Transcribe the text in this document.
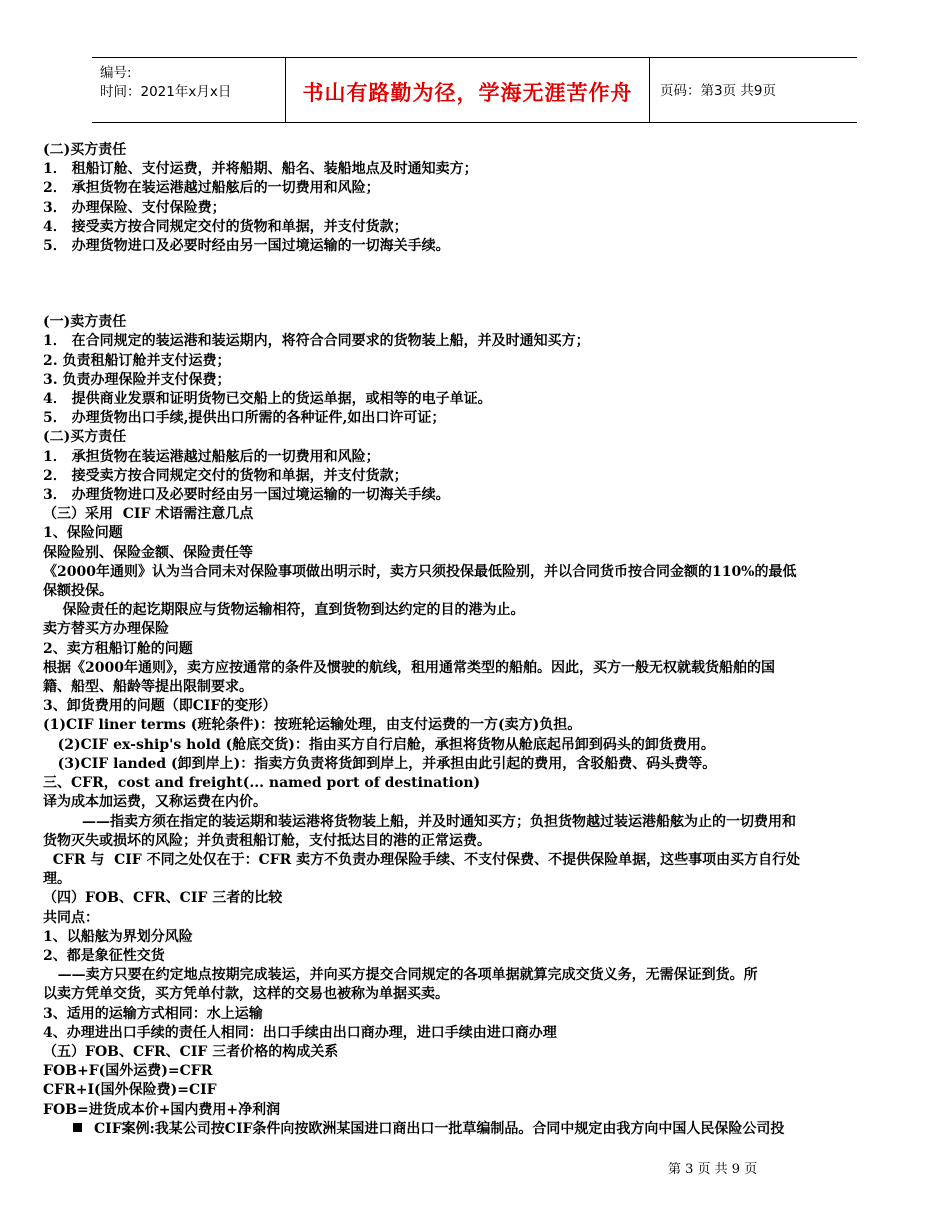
编号:
时间：2021年x月x日	书山有路勤为径，学海无涯苦作舟	页码：第3页 共9页

(二)买方责任

1． 租船订舱、支付运费，并将船期、船名、装船地点及时通知卖方；

2． 承担货物在装运港越过船舷后的一切费用和风险；

3． 办理保险、支付保险费；

4． 接受卖方按合同规定交付的货物和单据，并支付货款；

5． 办理货物进口及必要时经由另一国过境运输的一切海关手续。

(一)卖方责任

1． 在合同规定的装运港和装运期内，将符合合同要求的货物装上船，并及时通知买方；

2. 负责租船订舱并支付运费；

3. 负责办理保险并支付保费；

4． 提供商业发票和证明货物已交船上的货运单据，或相等的电子单证。

5． 办理货物出口手续,提供出口所需的各种证件,如出口许可证；

(二)买方责任

1． 承担货物在装运港越过船舷后的一切费用和风险；

2． 接受卖方按合同规定交付的货物和单据，并支付货款；

3． 办理货物进口及必要时经由另一国过境运输的一切海关手续。

（三）采用  CIF 术语需注意几点

1、保险问题

保险险别、保险金额、保险责任等

《2000年通则》认为当合同未对保险事项做出明示时，卖方只须投保最低险别，并以合同货币按合同金额的110%的最低

保额投保。

保险责任的起讫期限应与货物运输相符，直到货物到达约定的目的港为止。

卖方替买方办理保险

2、卖方租船订舱的问题

根据《2000年通则》，卖方应按通常的条件及惯驶的航线，租用通常类型的船舶。因此，买方一般无权就载货船舶的国

籍、船型、船龄等提出限制要求。

3、卸货费用的问题（即CIF的变形）

(1)CIF liner terms (班轮条件)：按班轮运输处理，由支付运费的一方(卖方)负担。

(2)CIF ex-ship's hold (舱底交货)：指由买方自行启舱，承担将货物从舱底起吊卸到码头的卸货费用。

(3)CIF landed (卸到岸上)：指卖方负责将货卸到岸上，并承担由此引起的费用，含驳船费、码头费等。

三、CFR，cost and freight(... named port of destination)

译为成本加运费，又称运费在内价。

——指卖方须在指定的装运期和装运港将货物装上船，并及时通知买方；负担货物越过装运港船舷为止的一切费用和

货物灭失或损坏的风险；并负责租船订舱，支付抵达目的港的正常运费。

CFR 与  CIF 不同之处仅在于：CFR 卖方不负责办理保险手续、不支付保费、不提供保险单据，这些事项由买方自行处

理。

（四）FOB、CFR、CIF 三者的比较

共同点：

1、以船舷为界划分风险

2、都是象征性交货

——卖方只要在约定地点按期完成装运，并向买方提交合同规定的各项单据就算完成交货义务，无需保证到货。所

以卖方凭单交货，买方凭单付款，这样的交易也被称为单据买卖。

3、适用的运输方式相同：水上运输

4、办理进出口手续的责任人相同：出口手续由出口商办理，进口手续由进口商办理

（五）FOB、CFR、CIF 三者价格的构成关系

FOB+F(国外运费)=CFR

CFR+I(国外保险费)=CIF

FOB=进货成本价+国内费用+净利润

CIF案例:我某公司按CIF条件向按欧洲某国进口商出口一批草编制品。合同中规定由我方向中国人民保险公司投

第 3 页 共 9 页
